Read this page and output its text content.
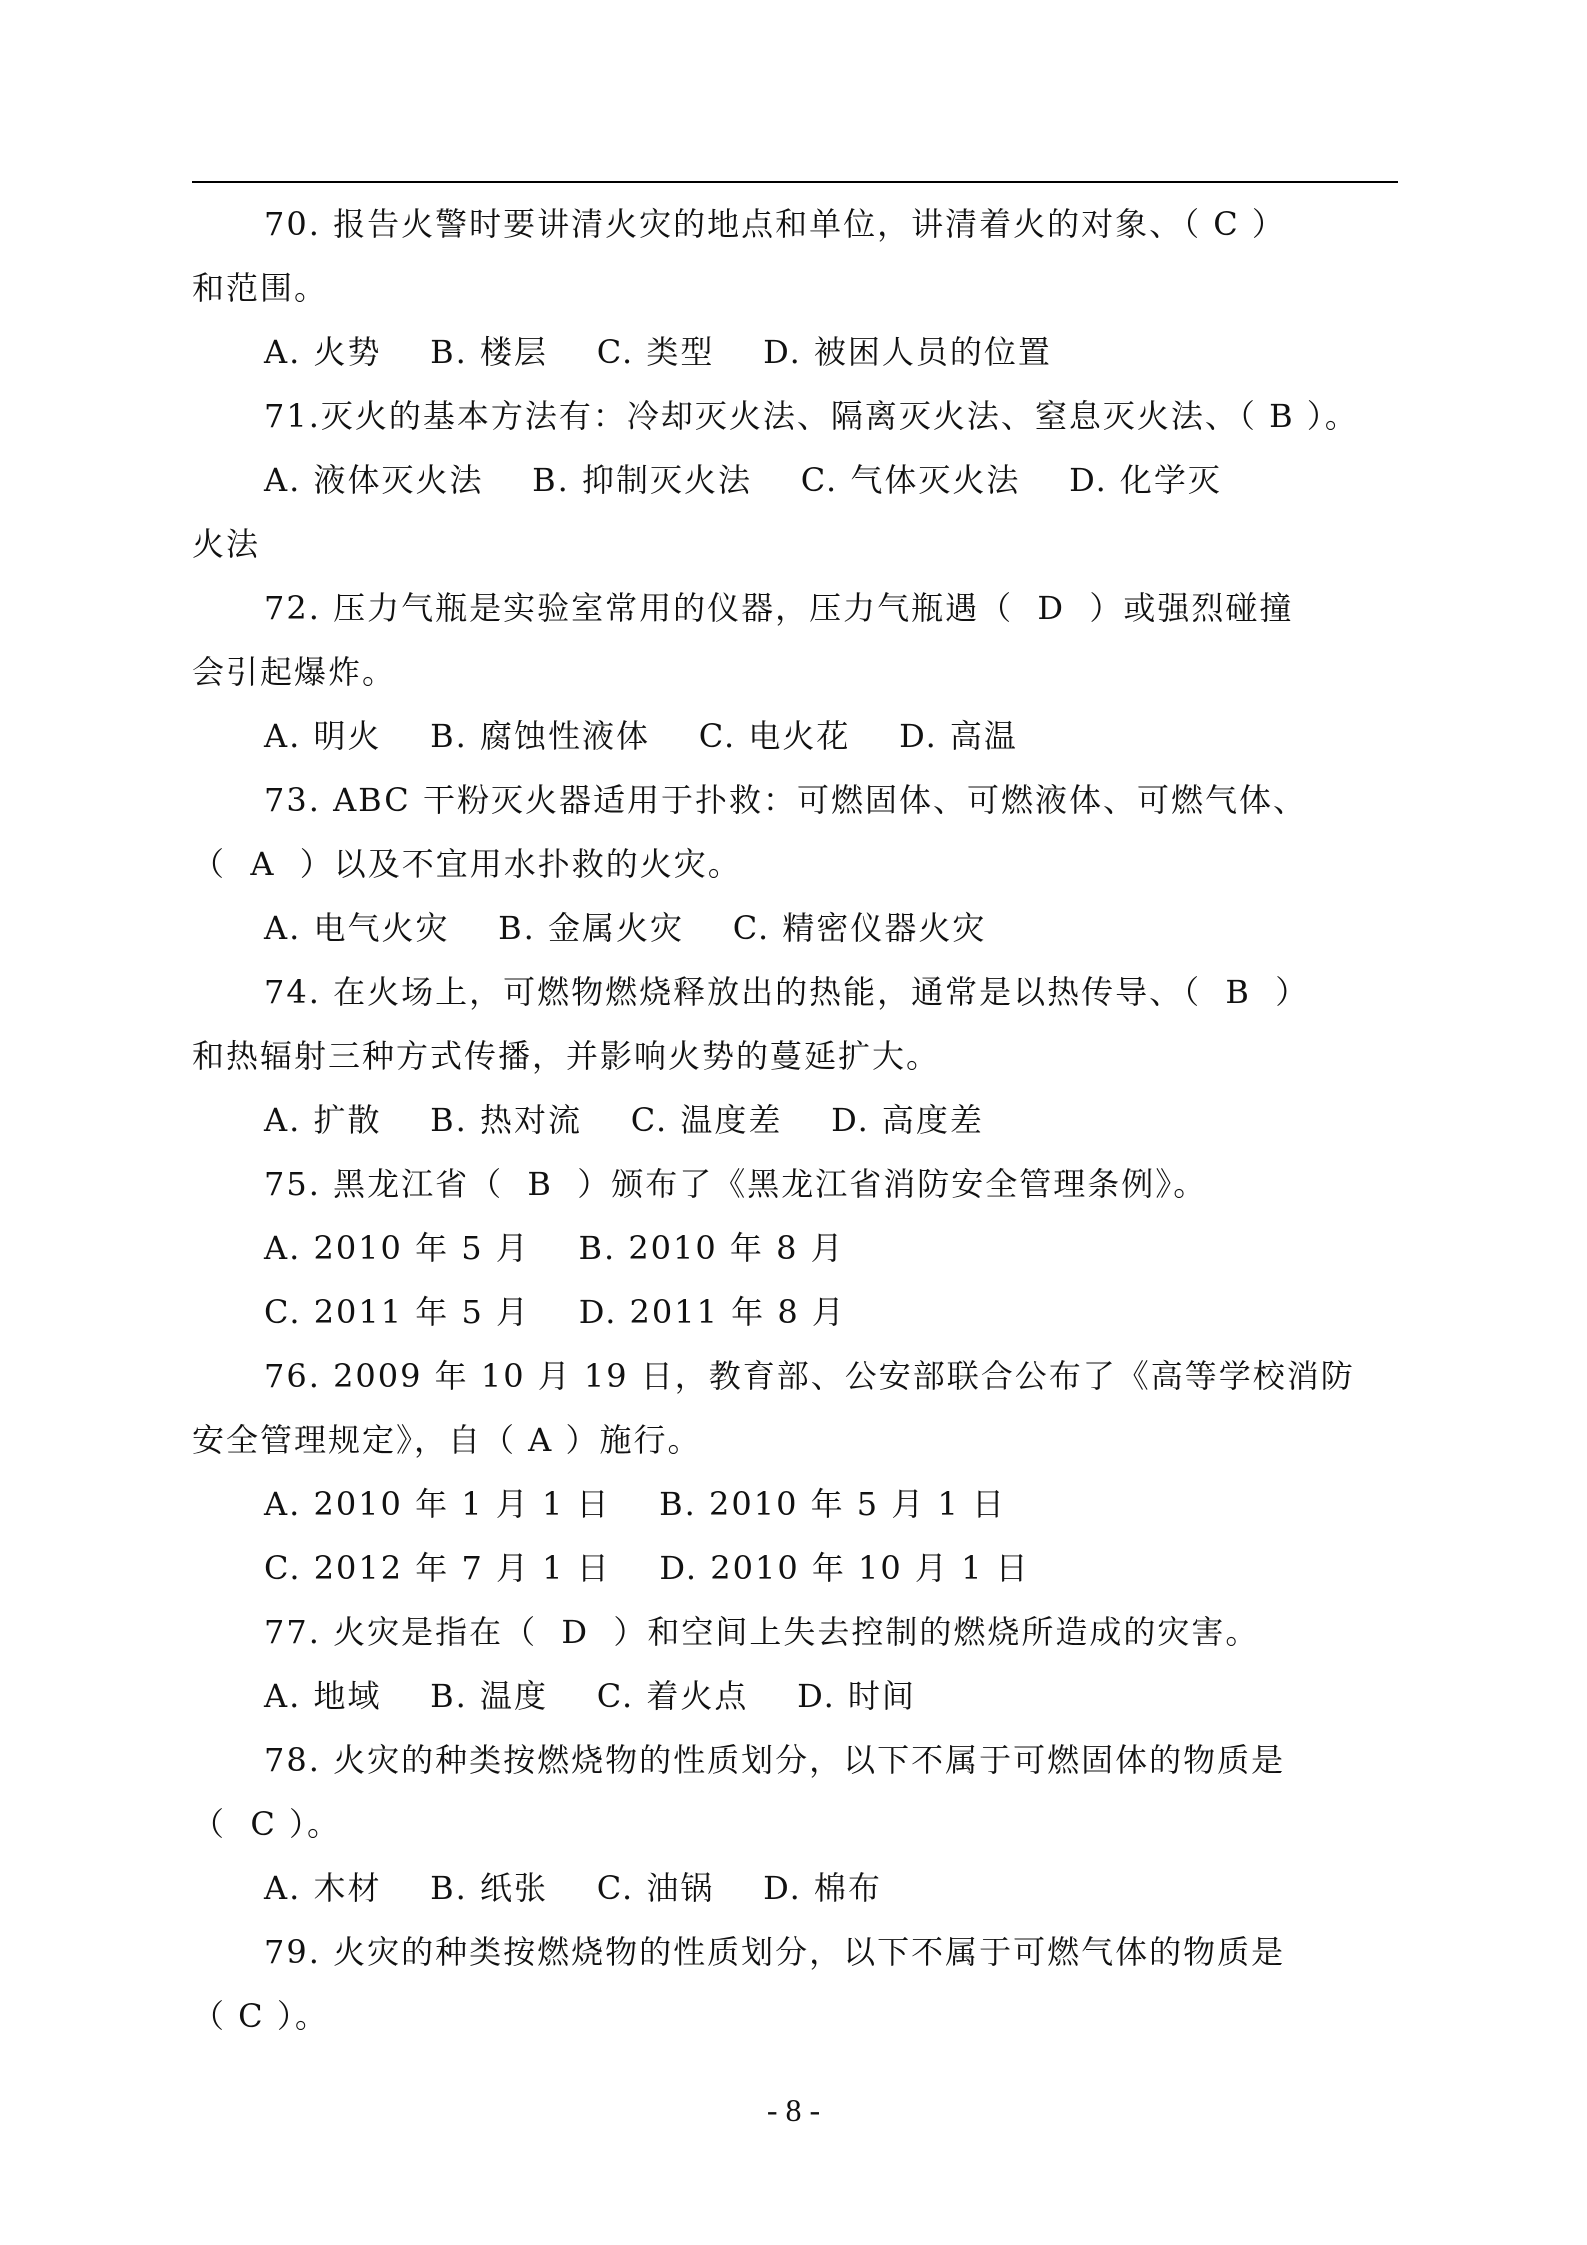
70. 报告火警时要讲清火灾的地点和单位，讲清着火的对象、（ C ）
和范围。
A. 火势    B. 楼层    C. 类型    D. 被困人员的位置
71.灭火的基本方法有：冷却灭火法、隔离灭火法、窒息灭火法、（ B ）。
A. 液体灭火法    B. 抑制灭火法    C. 气体灭火法    D. 化学灭
火法
72. 压力气瓶是实验室常用的仪器，压力气瓶遇（  D  ）或强烈碰撞
会引起爆炸。
A. 明火    B. 腐蚀性液体    C. 电火花    D. 高温
73. ABC 干粉灭火器适用于扑救：可燃固体、可燃液体、可燃气体、
（  A  ）以及不宜用水扑救的火灾。
A. 电气火灾    B. 金属火灾    C. 精密仪器火灾
74. 在火场上，可燃物燃烧释放出的热能，通常是以热传导、（  B  ）
和热辐射三种方式传播，并影响火势的蔓延扩大。
A. 扩散    B. 热对流    C. 温度差    D. 高度差
75. 黑龙江省（  B  ）颁布了《黑龙江省消防安全管理条例》。
A. 2010 年 5 月    B. 2010 年 8 月
C. 2011 年 5 月    D. 2011 年 8 月
76. 2009 年 10 月 19 日，教育部、公安部联合公布了《高等学校消防
安全管理规定》，自（ A ）施行。
A. 2010 年 1 月 1 日    B. 2010 年 5 月 1 日
C. 2012 年 7 月 1 日    D. 2010 年 10 月 1 日
77. 火灾是指在（  D  ）和空间上失去控制的燃烧所造成的灾害。
A. 地域    B. 温度    C. 着火点    D. 时间
78. 火灾的种类按燃烧物的性质划分，以下不属于可燃固体的物质是
（  C ）。
A. 木材    B. 纸张    C. 油锅    D. 棉布
79. 火灾的种类按燃烧物的性质划分，以下不属于可燃气体的物质是
（ C ）。
- 8 -
